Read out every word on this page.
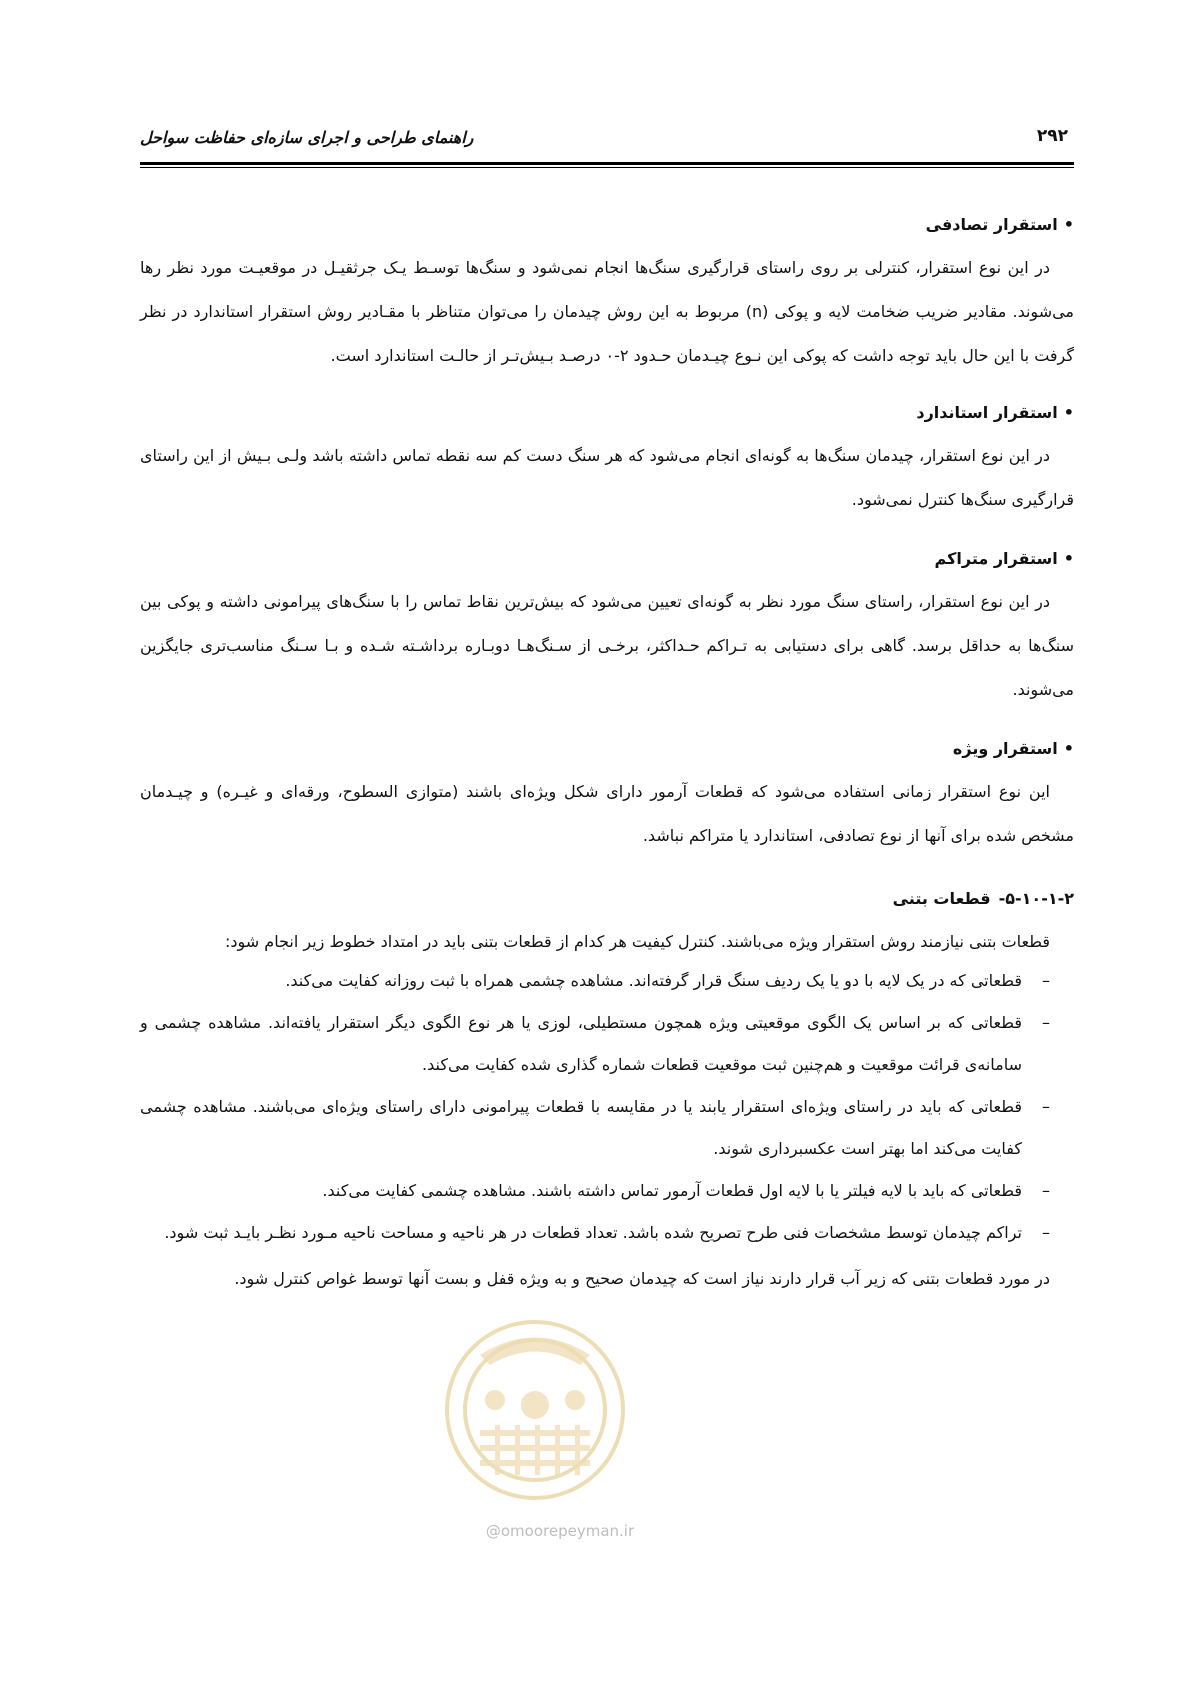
راهنمای طراحی و اجرای سازه‌ای حفاظت سواحل	۲۹۲
•استقرار تصادفی

در این نوع استقرار، کنترلی بر روی راستای قرارگیری سنگ‌ها انجام نمی‌شود و سنگ‌ها توسـط یـک جرثقیـل در موقعیـت مورد نظر رها می‌شوند. مقادیر ضریب ضخامت لایه و پوکی (n) مربوط به این روش چیدمان را می‌توان متناظر با مقـادیر روش استقرار استاندارد در نظر گرفت با این حال باید توجه داشت که پوکی این نـوع چیـدمان حـدود ۲-۰ درصـد بـیش‌تـر از حالـت استاندارد است.

•استقرار استاندارد

در این نوع استقرار، چیدمان سنگ‌ها به گونه‌ای انجام می‌شود که هر سنگ دست کم سه نقطه تماس داشته باشد ولـی بـیش از این راستای قرارگیری سنگ‌ها کنترل نمی‌شود.

•استقرار متراکم

در این نوع استقرار، راستای سنگ مورد نظر به گونه‌ای تعیین می‌شود که بیش‌ترین نقاط تماس را با سنگ‌های پیرامونی داشته و پوکی بین سنگ‌ها به حداقل برسد. گاهی برای دستیابی به تـراکم حـداکثر، برخـی از سـنگ‌هـا دوبـاره برداشـته شـده و بـا سـنگ مناسب‌تری جایگزین می‌شوند.

•استقرار ویژه

این نوع استقرار زمانی استفاده می‌شود که قطعات آرمور دارای شکل ویژه‌ای باشند (متوازی السطوح، ورقه‌ای و غیـره) و چیـدمان مشخص شده برای آنها از نوع تصادفی، استاندارد یا متراکم نباشد.

۵-۱۰-۱-۲-قطعات بتنی

قطعات بتنی نیازمند روش استقرار ویژه می‌باشند. کنترل کیفیت هر کدام از قطعات بتنی باید در امتداد خطوط زیر انجام شود:

–
قطعاتی که در یک لایه با دو یا یک ردیف سنگ قرار گرفته‌اند. مشاهده چشمی همراه با ثبت روزانه کفایت می‌کند.
–
قطعاتی که بر اساس یک الگوی موقعیتی ویژه همچون مستطیلی، لوزی یا هر نوع الگوی دیگر استقرار یافته‌اند. مشاهده چشمی و سامانه‌ی قرائت موقعیت و هم‌چنین ثبت موقعیت قطعات شماره گذاری شده کفایت می‌کند.
–
قطعاتی که باید در راستای ویژه‌ای استقرار یابند یا در مقایسه با قطعات پیرامونی دارای راستای ویژه‌ای می‌باشند. مشاهده چشمی کفایت می‌کند اما بهتر است عکسبرداری شوند.
–
قطعاتی که باید با لایه فیلتر یا با لایه اول قطعات آرمور تماس داشته باشند. مشاهده چشمی کفایت می‌کند.
–
تراکم چیدمان توسط مشخصات فنی طرح تصریح شده باشد. تعداد قطعات در هر ناحیه و مساحت ناحیه مـورد نظـر بایـد ثبت شود.

در مورد قطعات بتنی که زیر آب قرار دارند نیاز است که چیدمان صحیح و به ویژه قفل و بست آنها توسط غواص کنترل شود.

@omoorepeyman.ir
